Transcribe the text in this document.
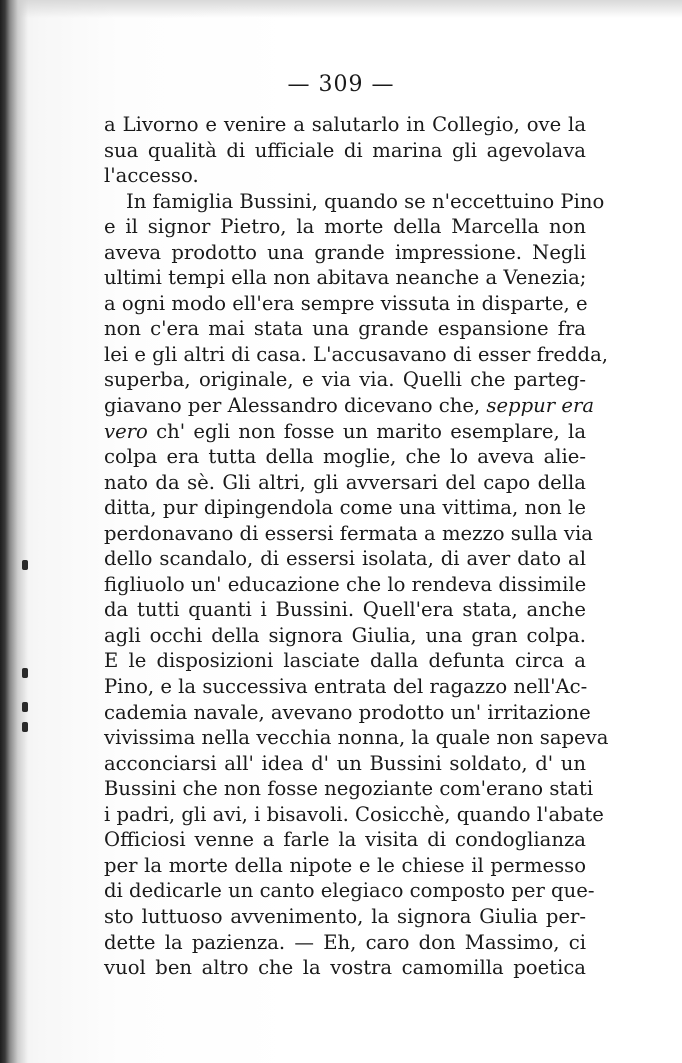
— 309 —
a Livorno e venire a salutarlo in Collegio, ove la
sua qualità di ufficiale di marina gli agevolava
l'accesso.
In famiglia Bussini, quando se n'eccettuino Pino
e il signor Pietro, la morte della Marcella non
aveva prodotto una grande impressione. Negli
ultimi tempi ella non abitava neanche a Venezia;
a ogni modo ell'era sempre vissuta in disparte, e
non c'era mai stata una grande espansione fra
lei e gli altri di casa. L'accusavano di esser fredda,
superba, originale, e via via. Quelli che parteg-
giavano per Alessandro dicevano che, seppur era
vero ch' egli non fosse un marito esemplare, la
colpa era tutta della moglie, che lo aveva alie-
nato da sè. Gli altri, gli avversari del capo della
ditta, pur dipingendola come una vittima, non le
perdonavano di essersi fermata a mezzo sulla via
dello scandalo, di essersi isolata, di aver dato al
figliuolo un' educazione che lo rendeva dissimile
da tutti quanti i Bussini. Quell'era stata, anche
agli occhi della signora Giulia, una gran colpa.
E le disposizioni lasciate dalla defunta circa a
Pino, e la successiva entrata del ragazzo nell'Ac-
cademia navale, avevano prodotto un' irritazione
vivissima nella vecchia nonna, la quale non sapeva
acconciarsi all' idea d' un Bussini soldato, d' un
Bussini che non fosse negoziante com'erano stati
i padri, gli avi, i bisavoli. Cosicchè, quando l'abate
Officiosi venne a farle la visita di condoglianza
per la morte della nipote e le chiese il permesso
di dedicarle un canto elegiaco composto per que-
sto luttuoso avvenimento, la signora Giulia per-
dette la pazienza. — Eh, caro don Massimo, ci
vuol ben altro che la vostra camomilla poetica
